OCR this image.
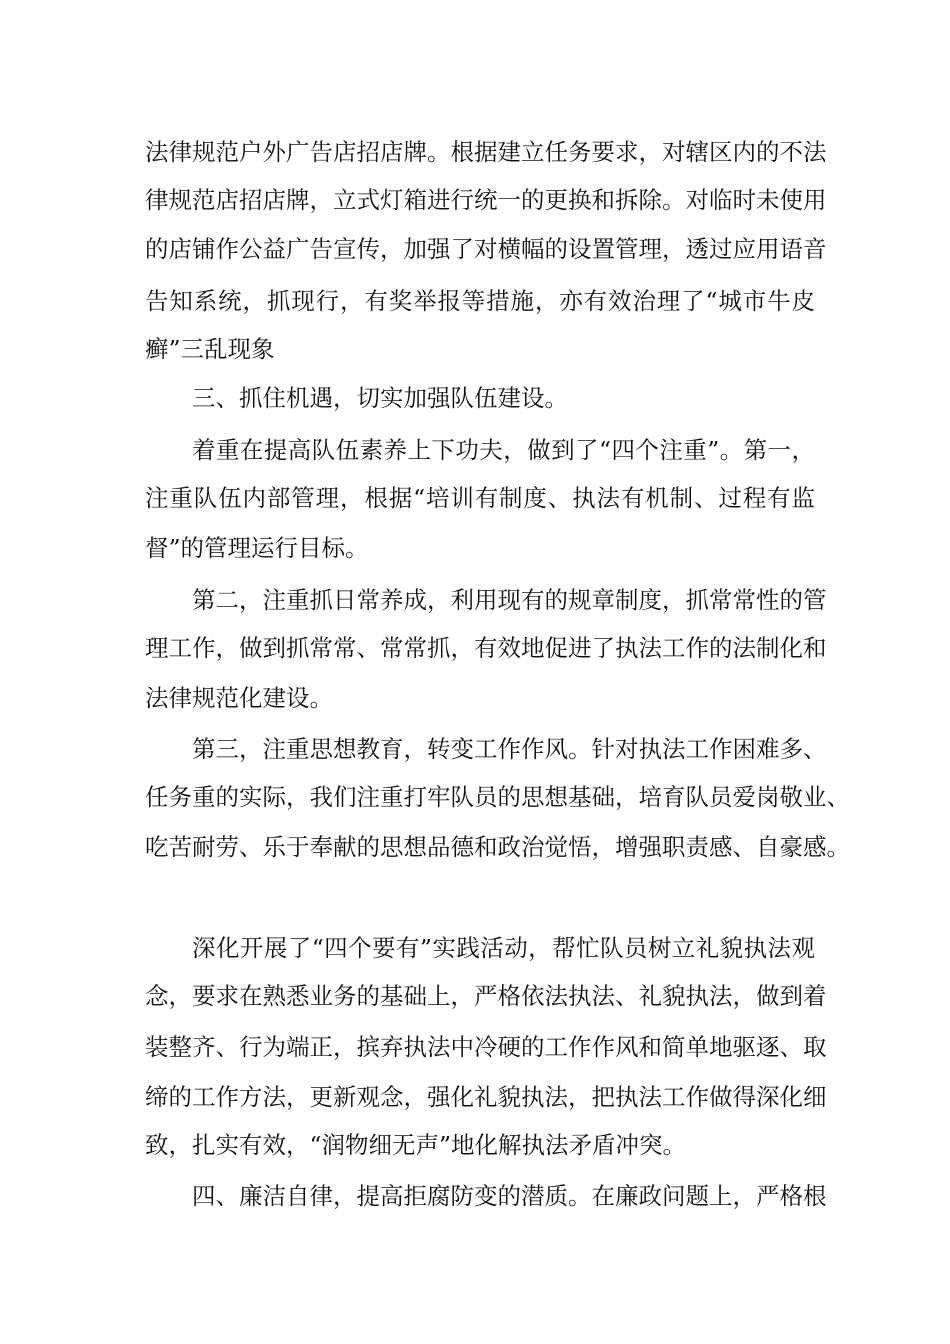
法律规范户外广告店招店牌。根据建立任务要求，对辖区内的不法
律规范店招店牌，立式灯箱进行统一的更换和拆除。对临时未使用
的店铺作公益广告宣传，加强了对横幅的设置管理，透过应用语音
告知系统，抓现行，有奖举报等措施，亦有效治理了“城市牛皮
癣”三乱现象
三、抓住机遇，切实加强队伍建设。
着重在提高队伍素养上下功夫，做到了“四个注重”。第一，
注重队伍内部管理，根据“培训有制度、执法有机制、过程有监
督”的管理运行目标。
第二，注重抓日常养成，利用现有的规章制度，抓常常性的管
理工作，做到抓常常、常常抓，有效地促进了执法工作的法制化和
法律规范化建设。
第三，注重思想教育，转变工作作风。针对执法工作困难多、
任务重的实际，我们注重打牢队员的思想基础，培育队员爱岗敬业、
吃苦耐劳、乐于奉献的思想品德和政治觉悟，增强职责感、自豪感。
深化开展了“四个要有”实践活动，帮忙队员树立礼貌执法观
念，要求在熟悉业务的基础上，严格依法执法、礼貌执法，做到着
装整齐、行为端正，摈弃执法中冷硬的工作作风和简单地驱逐、取
缔的工作方法，更新观念，强化礼貌执法，把执法工作做得深化细
致，扎实有效，“润物细无声”地化解执法矛盾冲突。
四、廉洁自律，提高拒腐防变的潜质。在廉政问题上，严格根
